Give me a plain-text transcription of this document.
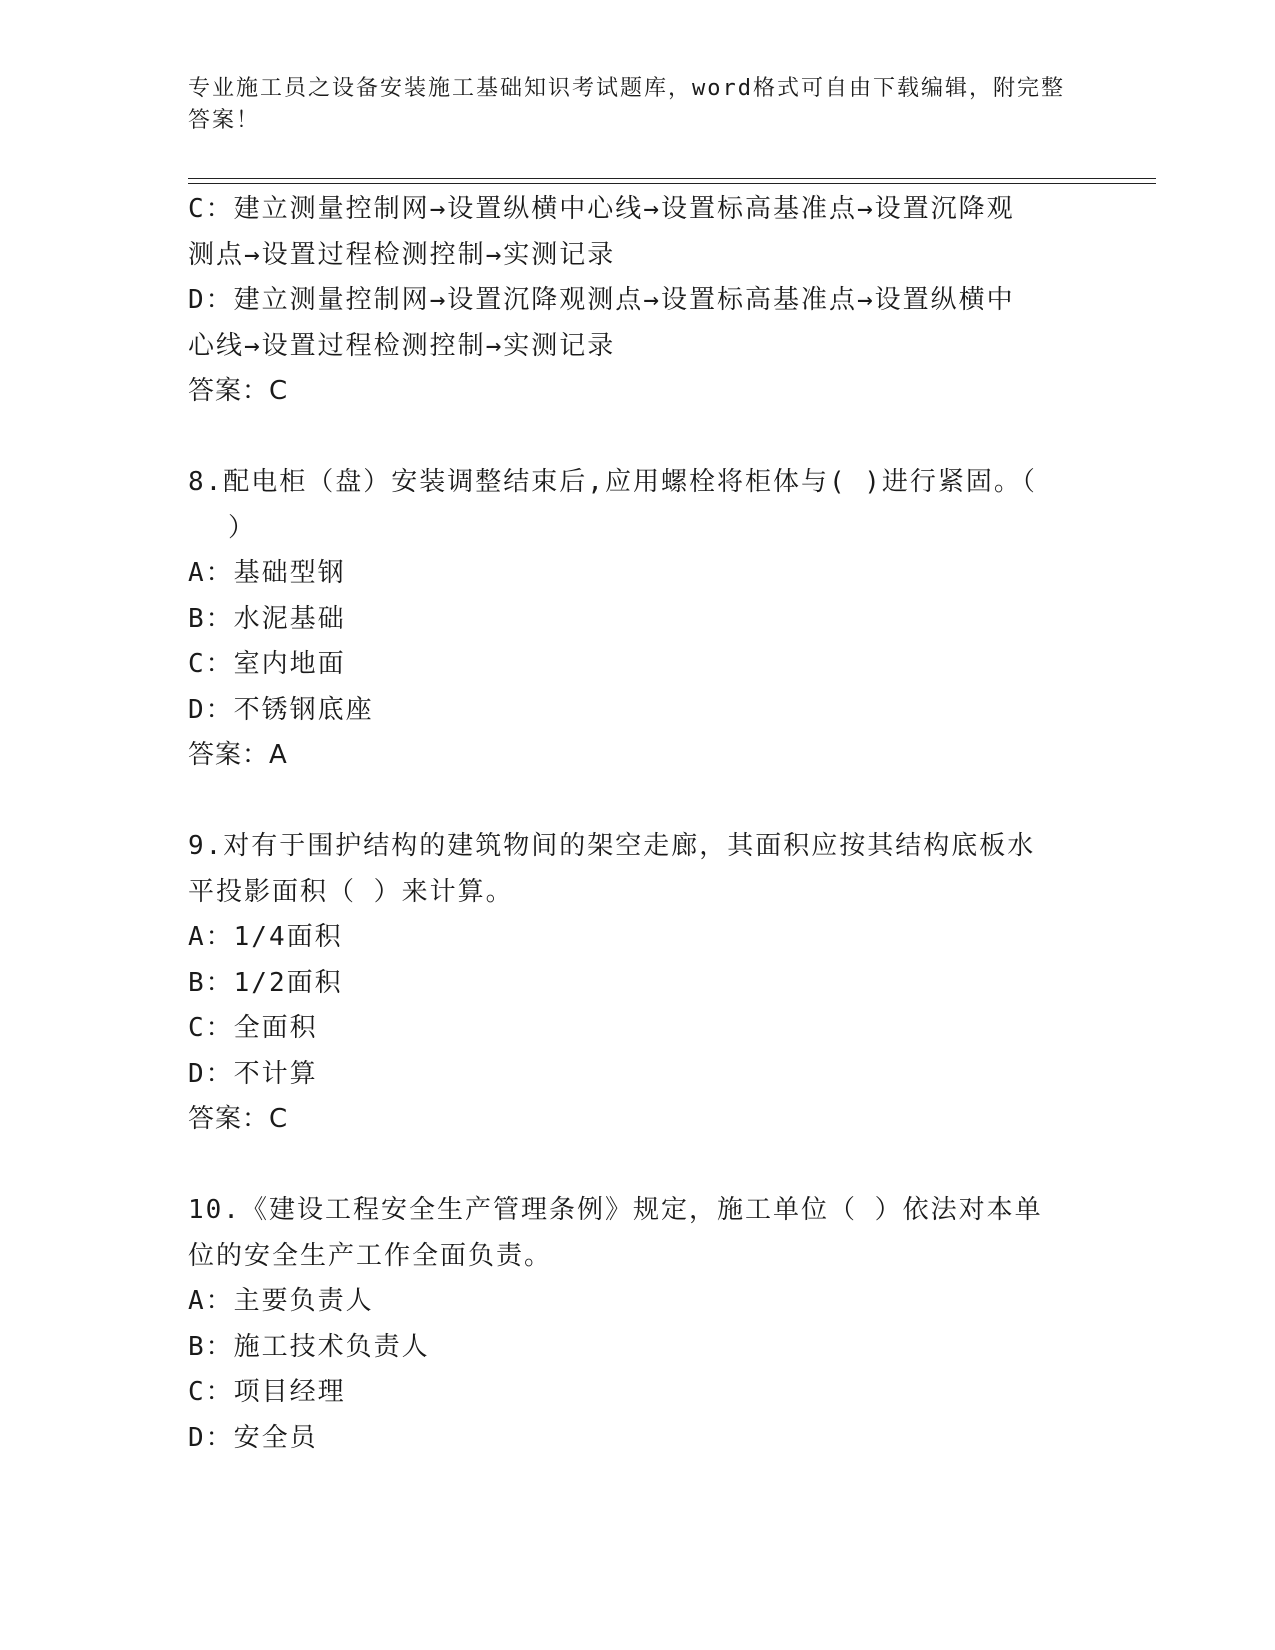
专业施工员之设备安装施工基础知识考试题库，word格式可自由下载编辑，附完整答案！
C：建立测量控制网→设置纵横中心线→设置标高基准点→设置沉降观
测点→设置过程检测控制→实测记录
D：建立测量控制网→设置沉降观测点→设置标高基准点→设置纵横中
心线→设置过程检测控制→实测记录
答案：C
8.配电柜（盘）安装调整结束后,应用螺栓将柜体与( )进行紧固。（
）
A：基础型钢
B：水泥基础
C：室内地面
D：不锈钢底座
答案：A
9.对有于围护结构的建筑物间的架空走廊，其面积应按其结构底板水
平投影面积（ ）来计算。
A：1/4面积
B：1/2面积
C：全面积
D：不计算
答案：C
10.《建设工程安全生产管理条例》规定，施工单位（ ）依法对本单
位的安全生产工作全面负责。
A：主要负责人
B：施工技术负责人
C：项目经理
D：安全员
